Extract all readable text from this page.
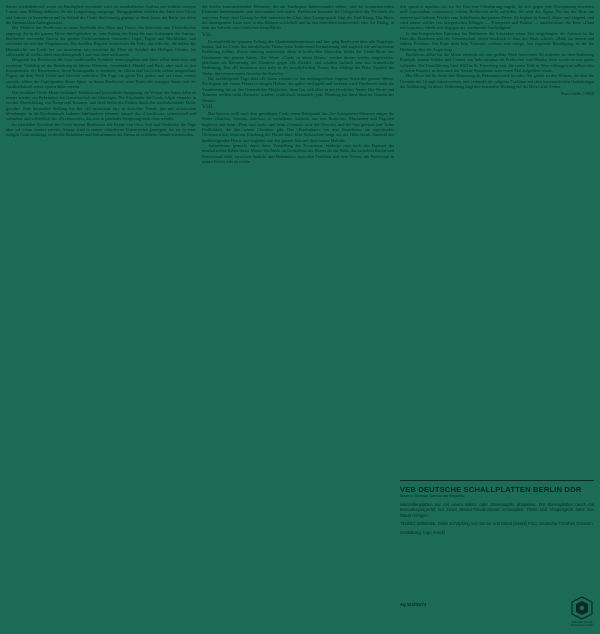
Satzes wiederkehrend, sowie als Bindeglied verwandte wird, im musikalischen Aufbau wie textlich schwere Lasten: eine Haltung definiert, die der Lobpreisung entspringt. Demgegenüber erhalten die Sätze dem Gloria und Sanctus zu besonderen und im Schluß des Credo fünfstimmig geprägt: er dient ihnen, der Reihe vor allem die thematischen Anfangsmotive.

Der Meßtext hat Beethoven zu einer Symbolik des Oben und Unten, des Irdischen und Überirdischen angeregt, die in der ganzen Messe durchgehalten ist: vom Anfang des Kyrie bis zum Aufsteigen des Sanctus. Beethoven verwendet hierfür die großen Orchesterfarben, besonders Orgel, Fagott und Blechbläser, und verbindet sie mit den Singstimmen. Die dunklen Register bezeichnen die Erde, das Irdische, die hellen das Himmlische; im Credo bei »et incarnatus est« erscheint die Flöte als Symbol des Heiligen Geistes, bei »descendit de coelis« führt eine absteigende Linie von oben nach unten.

Dergestalt hat Beethoven die Liste traditioneller Symbole weitergegeben und diese selbst bereichert und erweitert. Vielfältig ist die Beziehung zu älteren Meistern, vornehmlich Händel und Bach, aber auch zu den Komponisten der Renaissance, deren Kontrapunkt er studierte; im Gloria und im Credo stehen ausgedehnte Fugen, die dem Werk Größe und Gewicht verleihen. Die Fuge »in gloria Dei patris« und »et vitam venturi saeculi« bilden die Gipfelpunkte dieser Sätze, in denen Beethoven seine Kunst des strengen Satzes mit der Ausdruckskraft seiner späten Jahre vereint.

Das erwähnte Credo-Motiv verknüpft Tradition und persönliche Aneignung; im Verlauf des Satzes kehrt es immer wieder, ein Bekenntnis zur Gemeinschaft der Gläubigen. Die Abschnitte des Credo folgen einander in rascher Abwechslung von Tempi und Tonarten, und doch bleibt die Einheit durch das wiederkehrende Motiv gewahrt. Eine besondere Stellung hat das »Et incarnatus est« in dorischer Tonart, das mit archaischen Wendungen an die Kirchenmusik früherer Jahrhunderte erinnert; danach das »Crucifixus«, schmerzvoll und verhalten, und schließlich das »Et resurrexit«, das sich in jubelnder Steigerung nach oben wendet.

Im jubelnden Abschluß des Credo vereint Beethoven alle Kräfte von Chor, Soli und Orchester; die Fuge über »et vitam venturi saeculi. Amen« wird in immer schnelleren Notenwerten gesteigert, bis sie in einer ruhigen Coda ausklingt, in der die Holzbläser und Solostimmen das Thema in verklärter Gestalt wiederholen.

die beiden kontrastierenden Elemente, die am Satzbeginn hintereinander stehen, und die kontrastierenden Elemente hintereinander und miteinander verbunden. Beethoven benutzte die Gelegenheit des Wechsels für eine neue Form: dem Gesang der Soli antwortet der Chor, dem Zwiegespräch folgt der Tutti-Klang. Das Motiv der absteigenden Linie wird in den Bläsern wiederholt und in den Streichern beantwortet, eine Art Dialog, in dem das Irdische zum Göttlichen hinaufblickt.

VII.

Es empfiehlt der genauen Teilung des Glaubensbekenntnisses und hier ging Beethoven über alle Vorgänger hinaus, daß im Credo das musikalische Thema seine konkreteste Formulierung und zugleich die umfassendste Entfaltung erfährt. Zuerst eintönig rezitierend, dann in kraftvollen Akkorden, bildet das Credo-Motiv das Fundament des ganzen Satzes. Die Worte »Credo in unum Deum« werden immer wieder eingeworfen, gleichsam als Beteuerung des Glaubens gegen alle Zweifel, und erhalten dadurch eine fast dramatische Bedeutung. Das »Et incarnatus est« steht in der mixolydischen Tonart; hier erklingt die Flöte, Symbol der Taube, über einem zarten Gewebe der Streicher.

Die nachfolgende Fuge über »Et vitam venturi« ist das umfangreichste fugierte Stück der ganzen Messe. Sie beginnt mit einem Thema in ruhigen Halben, das später verdoppelt und verkürzt wird; Beethoven treibt die Verarbeitung bis zu den Grenzen des Möglichen, dann löst sich alles in ein feierliches Amen. Die Worte und Tonarten werden nicht illustrativ, sondern symbolisch behandelt: jede Wendung hat ihren Sinn im Ganzen des Werkes.

VIII.

Das Sanctus stellt nach dem gewaltigen Credo einen Ruhepunkt dar. Die Soloquartett-Stimmen singen die Worte »Sanctus, Sanctus, Sanctus« in verhaltener Andacht, nur von Bratschen, Klarinetten und Fagotten begleitet; erst beim »Pleni sunt coeli« und beim »Osanna« setzt der Chor ein, und der Satz gewinnt jene lichte Festlichkeit, die ihm seinen Charakter gibt. Das »Praeludium« vor dem Benedictus, ein ergreifendes Orchesterstück, leitet zur Erhebung der Hostie über: Eine Solovioline steigt aus der Höhe herab, Sinnbild des herabsteigenden Herrn, und begleitet nun den ganzen Satz mit ihrer zarten Melodie.

Aufmerksam gemacht durch diese Vorstellung des Erwarteten, entdecke man nach der Eigenart der musikalischen Bilder dieser Messe. Sie bleibt im Gedächtnis des Hörers als ein Werk, das zwischen Kirche und Konzertsaal steht, zwischen Andacht und Bekenntnis, zwischen Tradition und dem Neuen, das Beethoven in seinen letzten Jahren suchte.

den »pacis et inpulitas sit« wo der Text eine Offenbarung angeht, die sich gegen jede Überspitzung erwehren muß (»secundum scripturas«), scheint Beethoven nicht zufrieden. So wird das Agnus Dei mit der Bitte um inneren und äußeren Frieden zum Schlußstein der ganzen Messe. Es beginnt in h-moll, düster und klagend, und wird immer wieder von kriegerischen Klängen — Trompeten und Pauken — unterbrochen; die Bitte »Dona nobis pacem« erhebt sich dagegen mit wachsender Inständigkeit.

In den kriegerischen Episoden hat Beethoven die Schrecken seiner Zeit eingefangen; die Antwort ist die Bitte des Einzelnen und der Gemeinschaft, deren Ausdruck er über das Werk schrieb: »Bitte um innern und äußern Frieden«. Am Ende steht kein Triumph, sondern eine ruhige, fast zögernde Bestätigung, in der die Hoffnung über die Angst siegt.

Beethoven selbst hat die Missa solemnis als sein größtes Werk bezeichnet. Er widmete sie dem Erzherzog Rudolph, seinem Schüler und Gönner, zur Inthronisation als Erzbischof von Olmütz; doch wurde sie erst später vollendet. Die Uraufführung fand 1824 in St. Petersburg statt, die ersten Teile in Wien erklangen im selben Jahr in jenem Konzert, in dem auch die Neunte Symphonie zum ersten Mal aufgeführt wurde.

Die Messe hat bis heute ihre Bedeutung als Bekenntniswerk bewahrt. Sie gehört zu den Werken, die über die Grenzen der Liturgie hinausweisen, und verbindet die religiöse Tradition mit dem humanistischen Gedankengut der Aufklärung. In dieser Verbindung liegt ihre besondere Wirkung auf die Hörer aller Zeiten.

Peter Gülke (1969)

VEB DEUTSCHE SCHALLPLATTEN BERLIN DDR

Made in German Democratic Republic

Mikrorillenplatten nur mit einem Mikro- oder Stereosaphir abspielen. Für Stereoplatten (auch mit Monoabspielgerät) nur einen Stereo-Tonabnehmer verwenden. Platte und Abspielgerät stets von Staub reinigen.

Titelbild: Mittelaltar, Dritte Schöpfung von Sonne und Mond (Detail) Foto: Deutsche Fotothek Dresden

Gestaltung: Ingo Arnold

Ag 511/01/73
VEB DEUTSCHE SCHALLPLATTEN
